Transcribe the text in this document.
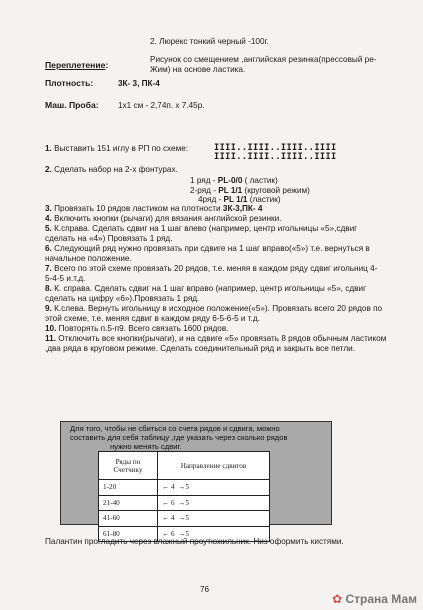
2. Люрекс тонкий черный -100г.
Переплетение:
Рисунок со смещением ,английская резинка(прессовый ре-
Жим) на основе ластика.
Плотность:	3К- 3, ПК-4
Маш. Проба: 1х1 см - 2,74п. х 7.45р.
1. Выставить 151 иглу в РП по схеме:	IIII..IIII..IIII..IIII
IIII..IIII..IIII..IIII
2. Сделать набор на 2-х фонтурах.
1 ряд - PL-0/0 ( ластик)
2-ряд - PL 1/1 (круговой режим)
4ряд - PL 1/1 (ластик)
3. Провязать 10 рядов ластиком на плотности 3К-3,ПК- 4
4. Включить кнопки (рычаги) для вязания английской резинки.
5. К.справа. Сделать сдвиг на 1 шаг влево (например, центр игольницы «5»,сдвиг
сделать на «4») Провязать 1 ряд.
6. Следующий ряд нужно провязать при сдвиге на 1 шаг вправо(«5») т.е. вернуться в
начальное положение.
7. Всего по этой схеме провязать 20 рядов, т.е. меняя в каждом ряду сдвиг игольниц 4-
5-4-5 и.т.д.
8. К. справа. Сделать сдвиг на 1 шаг вправо (например, центр игольницы «5», сдвиг
сделать на цифру «6»).Провязать 1 ряд.
9. К.слева. Вернуть игольницу в исходное положение(«5»). Провязать всего 20 рядов по
этой схеме, т.е. меняя сдвиг в каждом ряду 6-5-6-5 и т.д.
10. Повторять п.5-п9. Всего связать 1600 рядов.
11. Отключить все кнопки(рычаги), и на сдвиге «5» провязать 8 рядов обычным ластиком
,два ряда в круговом режиме. Сделать соединительный ряд и закрыть все петли.
Для того, чтобы не сбиться со счета рядов и сдвига, можно
составить для себя таблицу ,где указать через сколько рядов
нужно менять сдвиг.
Ряды по
Счетчику	Направление сдвигов
1-20	← 4 →5
21-40	← 6 →5
41-60	← 4 →5
61-80	← 6 →5
Палантин прогладить через влажный проутюжильник. Низ оформить кистями.
76
✿ Страна Мам
